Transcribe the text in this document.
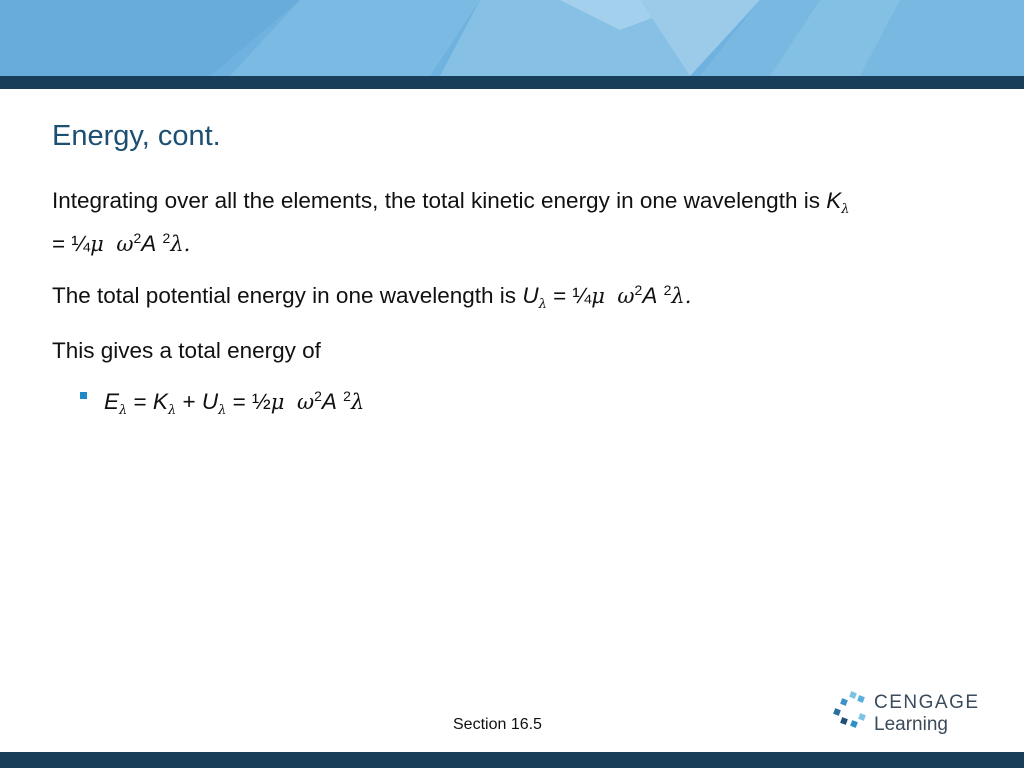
Energy, cont.

Integrating over all the elements, the total kinetic energy in one wavelength is $K_\lambda$
= ¼μ $\omega^2A$ $^2$λ.

The total potential energy in one wavelength is $U_\lambda$ = ¼μ $\omega^2A$ $^2$λ.

This gives a total energy of

$E_\lambda = K_\lambda + U_\lambda$ = ½μ $\omega^2A$ $^2$λ
Section 16.5
CENGAGE
Learning
